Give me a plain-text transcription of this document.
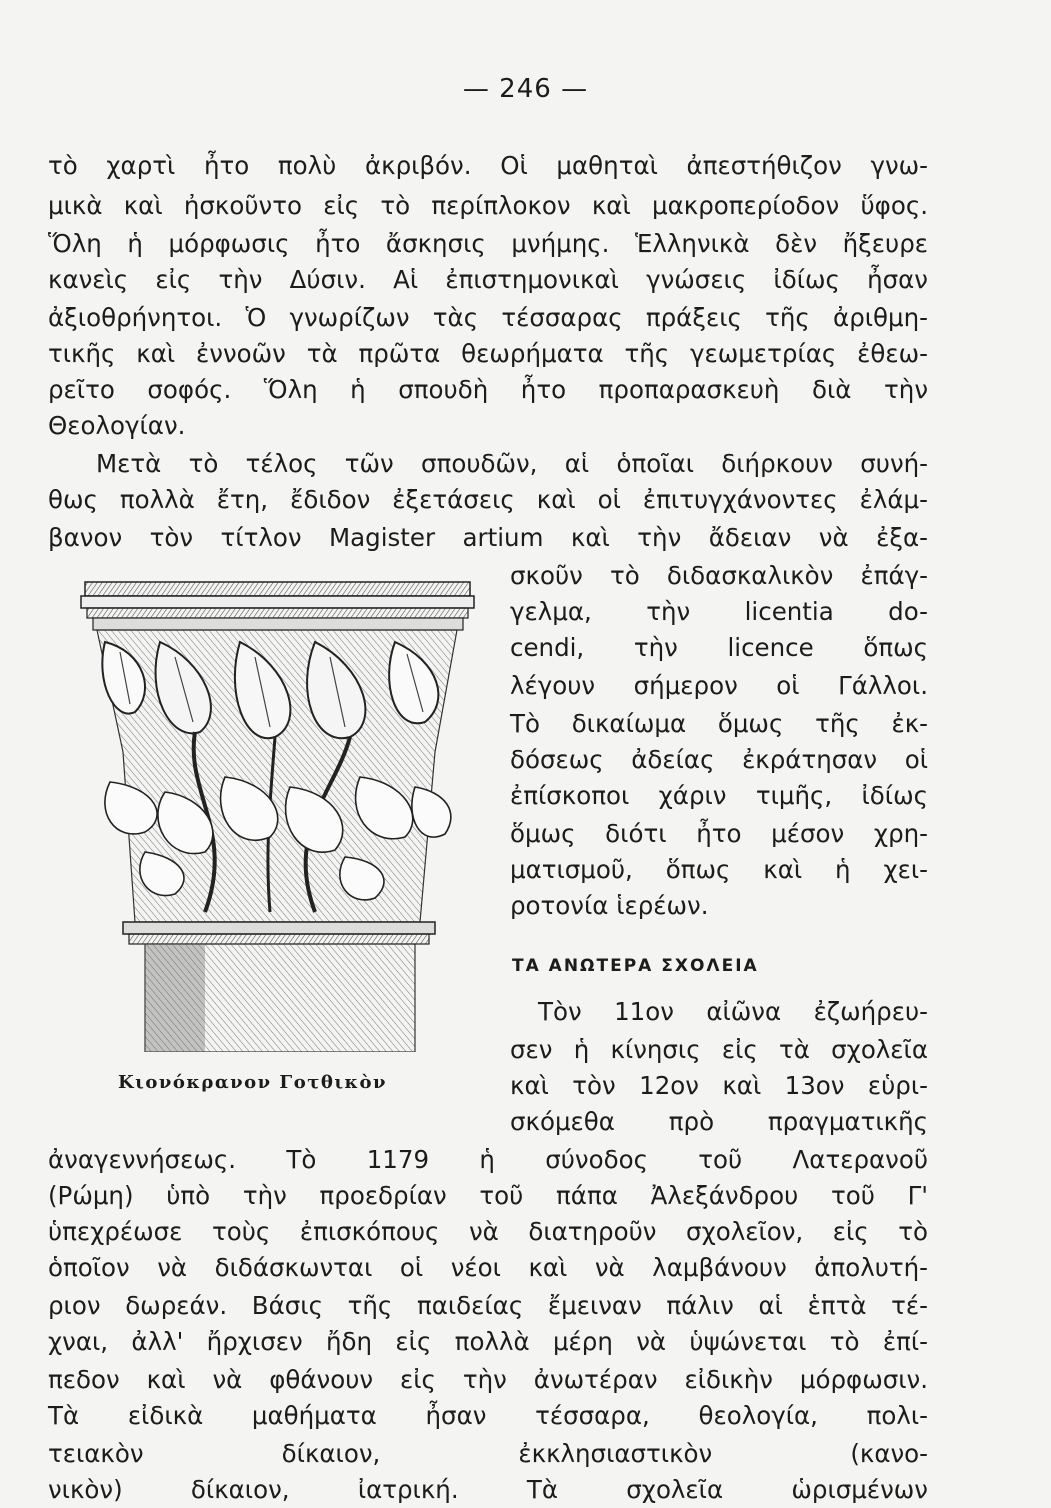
— 246 —
τὸ χαρτὶ ἦτο πολὺ ἀκριβόν. Οἱ μαθηταὶ ἀπεστήθιζον γνω-
μικὰ καὶ ἠσκοῦντο εἰς τὸ περίπλοκον καὶ μακροπερίοδον ὕφος.
Ὅλη ἡ μόρφωσις ἦτο ἄσκησις μνήμης. Ἑλληνικὰ δὲν ἤξευρε
κανεὶς εἰς τὴν Δύσιν. Αἱ ἐπιστημονικαὶ γνώσεις ἰδίως ἦσαν
ἀξιοθρήνητοι. Ὁ γνωρίζων τὰς τέσσαρας πράξεις τῆς ἀριθμη-
τικῆς καὶ ἐννοῶν τὰ πρῶτα θεωρήματα τῆς γεωμετρίας ἐθεω-
ρεῖτο σοφός. Ὅλη ἡ σπουδὴ ἦτο προπαρασκευὴ διὰ τὴν
Θεολογίαν.
Μετὰ τὸ τέλος τῶν σπουδῶν, αἱ ὁποῖαι διήρκουν συνή-
θως πολλὰ ἔτη, ἔδιδον ἐξετάσεις καὶ οἱ ἐπιτυγχάνοντες ἐλάμ-
βανον τὸν τίτλον Magister artium καὶ τὴν ἄδειαν νὰ ἐξα-
σκοῦν τὸ διδασκαλικὸν ἐπάγ-
γελμα, τὴν licentia do-
cendi, τὴν licence ὅπως
λέγουν σήμερον οἱ Γάλλοι.
Τὸ δικαίωμα ὅμως τῆς ἐκ-
δόσεως ἀδείας ἐκράτησαν οἱ
ἐπίσκοποι χάριν τιμῆς, ἰδίως
ὅμως διότι ἦτο μέσον χρη-
ματισμοῦ, ὅπως καὶ ἡ χει-
ροτονία ἱερέων.
ΤΑ ΑΝΩΤΕΡΑ ΣΧΟΛΕΙΑ
Τὸν 11ον αἰῶνα ἐζωήρευ-
σεν ἡ κίνησις εἰς τὰ σχολεῖα
καὶ τὸν 12ον καὶ 13ον εὑρι-
σκόμεθα πρὸ πραγματικῆς
ἀναγεννήσεως. Τὸ 1179 ἡ σύνοδος τοῦ Λατερανοῦ
(Ρώμη) ὑπὸ τὴν προεδρίαν τοῦ πάπα Ἀλεξάνδρου τοῦ Γ'
ὑπεχρέωσε τοὺς ἐπισκόπους νὰ διατηροῦν σχολεῖον, εἰς τὸ
ὁποῖον νὰ διδάσκωνται οἱ νέοι καὶ νὰ λαμβάνουν ἀπολυτή-
ριον δωρεάν. Βάσις τῆς παιδείας ἔμειναν πάλιν αἱ ἑπτὰ τέ-
χναι, ἀλλ' ἤρχισεν ἤδη εἰς πολλὰ μέρη νὰ ὑψώνεται τὸ ἐπί-
πεδον καὶ νὰ φθάνουν εἰς τὴν ἀνωτέραν εἰδικὴν μόρφωσιν.
Τὰ εἰδικὰ μαθήματα ἦσαν τέσσαρα, θεολογία, πολι-
τειακὸν δίκαιον, ἐκκλησιαστικὸν (κανο-
νικὸν) δίκαιον, ἰατρική. Τὰ σχολεῖα ὡρισμένων
Κιονόκρανον Γοτθικὸν
